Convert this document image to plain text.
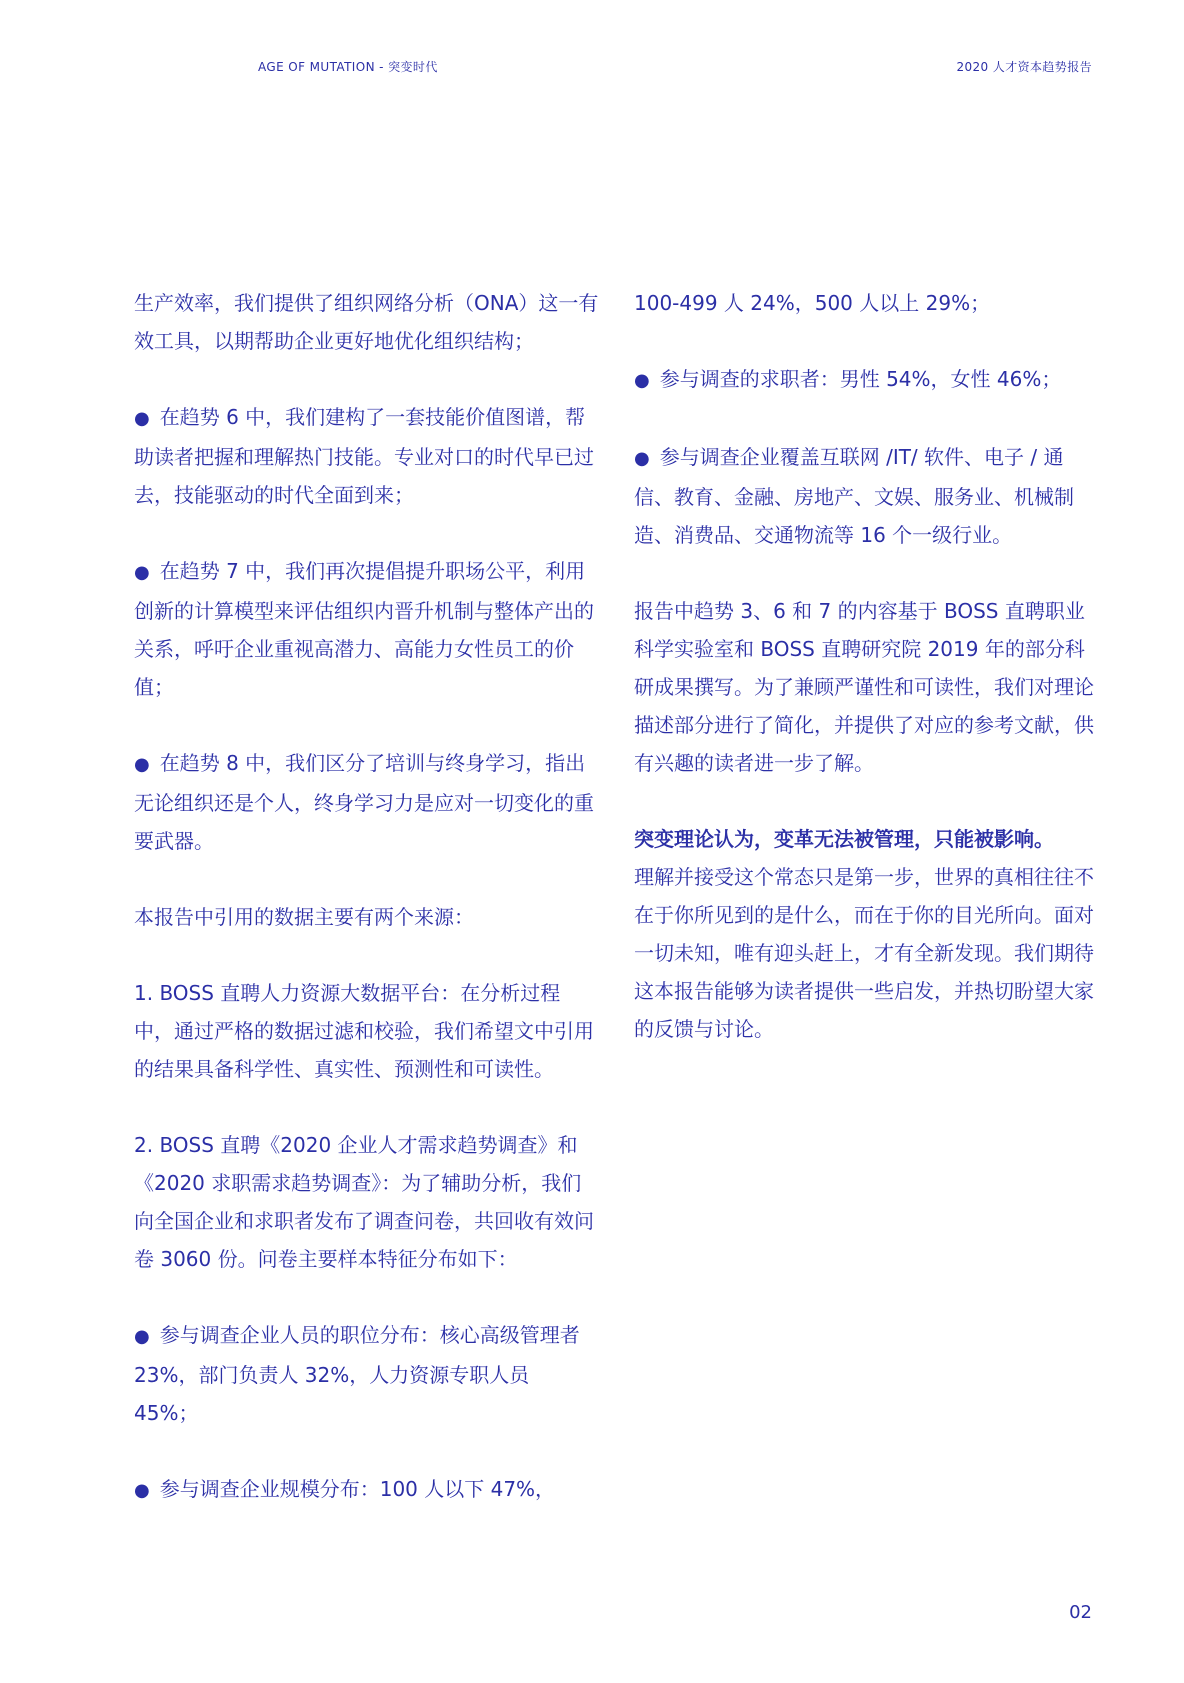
AGE OF MUTATION - 突变时代	2020 人才资本趋势报告

生产效率，我们提供了组织网络分析（ONA）这一有效工具，以期帮助企业更好地优化组织结构；

● 在趋势 6 中，我们建构了一套技能价值图谱，帮助读者把握和理解热门技能。专业对口的时代早已过去，技能驱动的时代全面到来；

● 在趋势 7 中，我们再次提倡提升职场公平，利用创新的计算模型来评估组织内晋升机制与整体产出的关系，呼吁企业重视高潜力、高能力女性员工的价值；

● 在趋势 8 中，我们区分了培训与终身学习，指出无论组织还是个人，终身学习力是应对一切变化的重要武器。

本报告中引用的数据主要有两个来源：

1. BOSS 直聘人力资源大数据平台：在分析过程中，通过严格的数据过滤和校验，我们希望文中引用的结果具备科学性、真实性、预测性和可读性。

2. BOSS 直聘《2020 企业人才需求趋势调查》和《2020 求职需求趋势调查》：为了辅助分析，我们向全国企业和求职者发布了调查问卷，共回收有效问卷 3060 份。问卷主要样本特征分布如下：

● 参与调查企业人员的职位分布：核心高级管理者 23%，部门负责人 32%，人力资源专职人员 45%；

● 参与调查企业规模分布：100 人以下 47%，

100-499 人 24%，500 人以上 29%；

● 参与调查的求职者：男性 54%，女性 46%；

● 参与调查企业覆盖互联网 /IT/ 软件、电子 / 通信、教育、金融、房地产、文娱、服务业、机械制造、消费品、交通物流等 16 个一级行业。

报告中趋势 3、6 和 7 的内容基于 BOSS 直聘职业科学实验室和 BOSS 直聘研究院 2019 年的部分科研成果撰写。为了兼顾严谨性和可读性，我们对理论描述部分进行了简化，并提供了对应的参考文献，供有兴趣的读者进一步了解。

突变理论认为，变革无法被管理，只能被影响。

理解并接受这个常态只是第一步，世界的真相往往不在于你所见到的是什么，而在于你的目光所向。面对一切未知，唯有迎头赶上，才有全新发现。我们期待这本报告能够为读者提供一些启发，并热切盼望大家的反馈与讨论。

02
